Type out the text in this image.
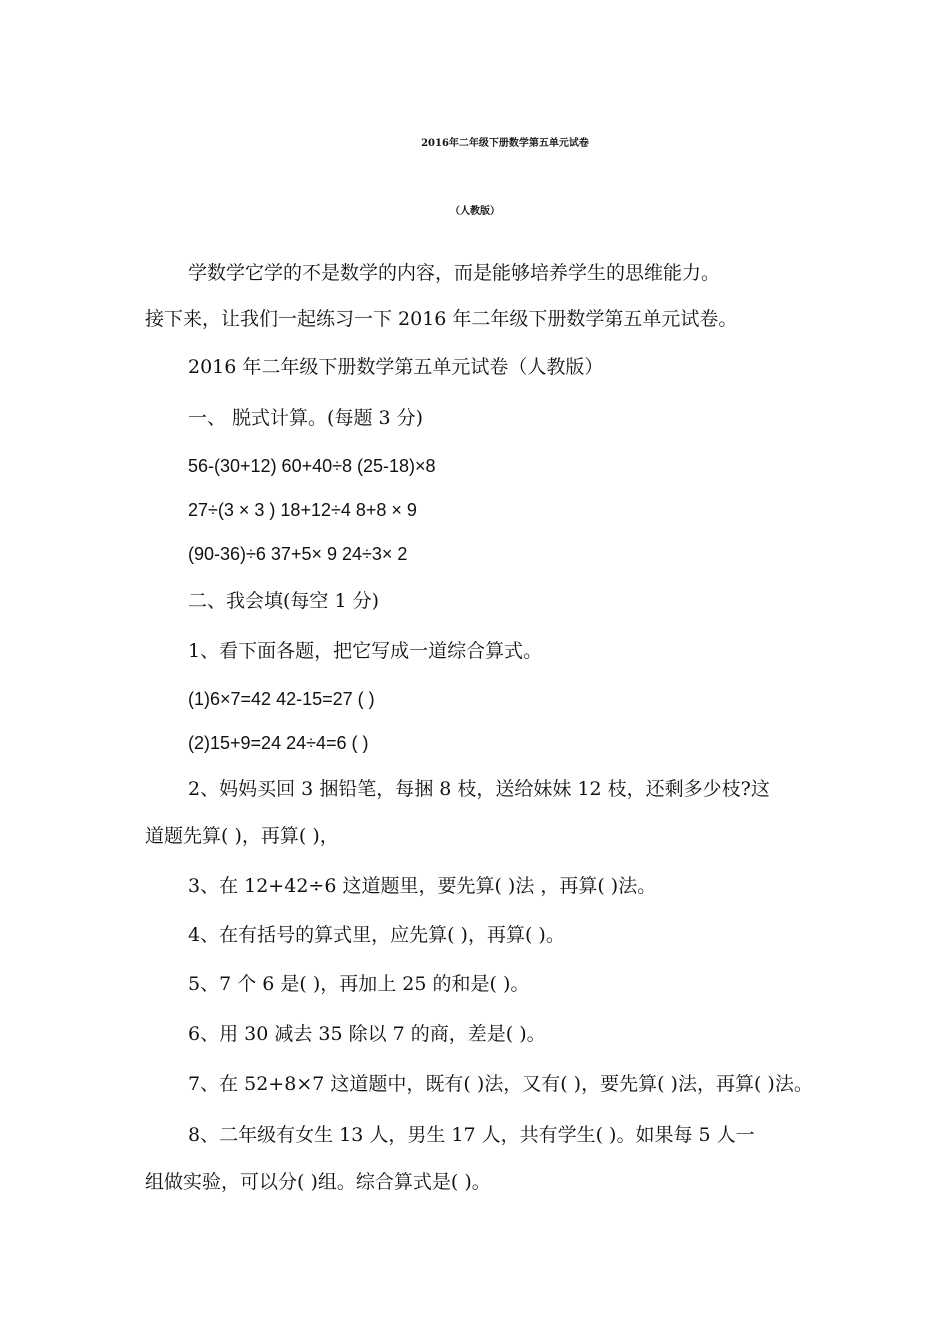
2016年二年级下册数学第五单元试卷
（人教版）
学数学它学的不是数学的内容，而是能够培养学生的思维能力。
接下来，让我们一起练习一下 2016 年二年级下册数学第五单元试卷。
2016 年二年级下册数学第五单元试卷（人教版）
一、 脱式计算。(每题 3 分)
56-(30+12) 60+40÷8 (25-18)×8
27÷(3 × 3 ) 18+12÷4 8+8 × 9
(90-36)÷6 37+5× 9 24÷3× 2
二、我会填(每空 1 分)
1、看下面各题，把它写成一道综合算式。
(1)6×7=42 42-15=27 ( )
(2)15+9=24 24÷4=6 ( )
2、妈妈买回 3 捆铅笔，每捆 8 枝，送给妹妹 12 枝，还剩多少枝?这
道题先算( )，再算( )，
3、在 12+42÷6 这道题里，要先算( )法 ，再算( )法。
4、在有括号的算式里，应先算( )，再算( )。
5、7 个 6 是( )，再加上 25 的和是( )。
6、用 30 减去 35 除以 7 的商，差是( )。
7、在 52+8×7 这道题中，既有( )法，又有( )，要先算( )法，再算( )法。
8、二年级有女生 13 人，男生 17 人，共有学生( )。如果每 5 人一
组做实验，可以分( )组。综合算式是( )。
